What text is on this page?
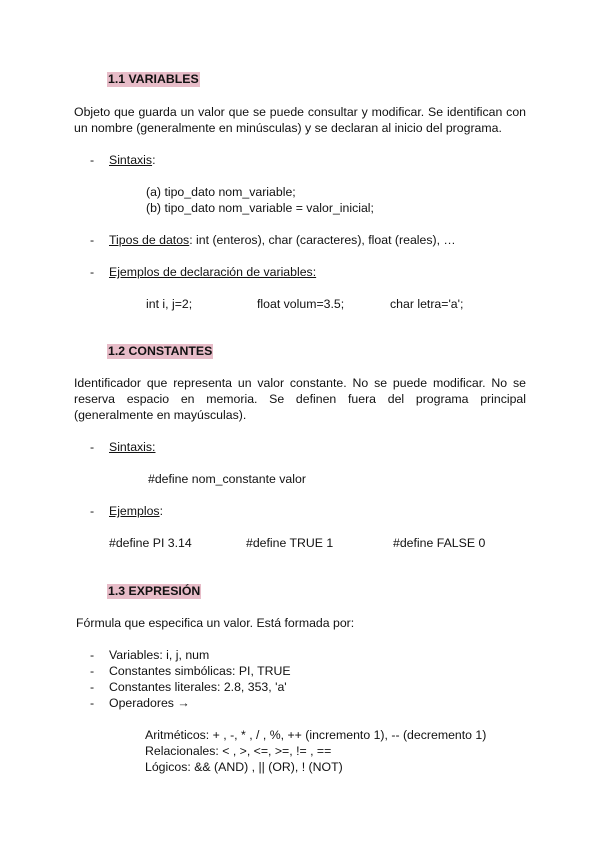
1.1 VARIABLES
Objeto que guarda un valor que se puede consultar y modificar. Se identifican con un nombre (generalmente en minúsculas) y se declaran al inicio del programa.
- Sintaxis:
(a) tipo_dato nom_variable;
(b) tipo_dato nom_variable = valor_inicial;
- Tipos de datos: int (enteros), char (caracteres), float (reales), …
- Ejemplos de declaración de variables:
int i, j=2;	float volum=3.5;	char letra='a';
1.2 CONSTANTES
Identificador que representa un valor constante. No se puede modificar. No se reserva espacio en memoria. Se definen fuera del programa principal (generalmente en mayúsculas).
- Sintaxis:
#define nom_constante valor
- Ejemplos:
#define PI 3.14	#define TRUE 1	#define FALSE 0
1.3 EXPRESIÓN
Fórmula que especifica un valor. Está formada por:
- Variables: i, j, num
- Constantes simbólicas: PI, TRUE
- Constantes literales: 2.8, 353, 'a'
- Operadores →
Aritméticos: + , -, * , / , %, ++ (incremento 1), -- (decremento 1)
Relacionales: < , >, <=, >=, != , ==
Lógicos: && (AND) , || (OR), ! (NOT)
